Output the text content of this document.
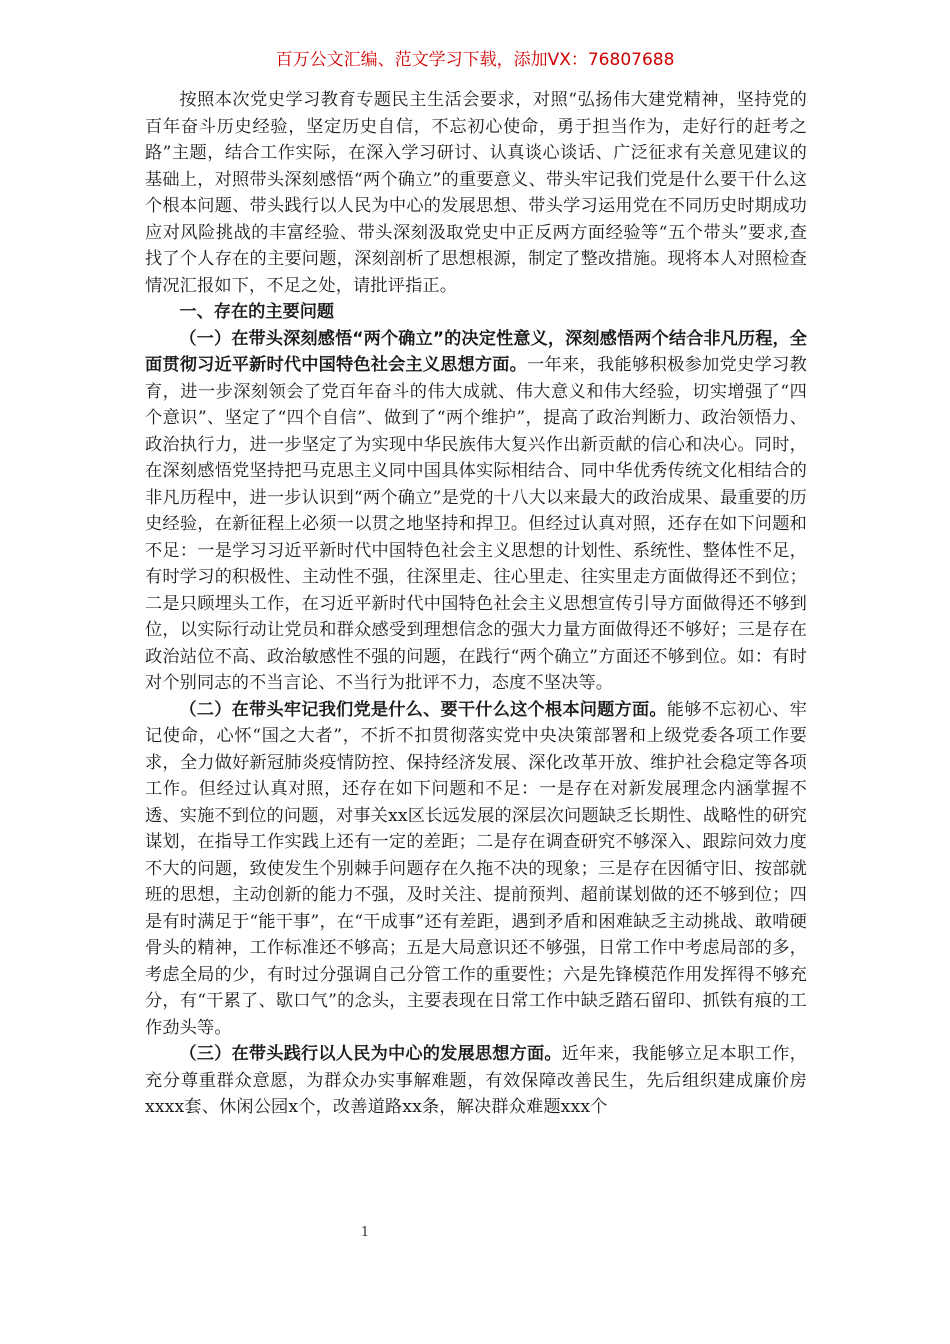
百万公文汇编、范文学习下载，添加VX：76807688

按照本次党史学习教育专题民主生活会要求，对照“弘扬伟大建党精神，坚持党的百年奋斗历史经验，坚定历史自信，不忘初心使命，勇于担当作为，走好行的赶考之路”主题，结合工作实际，在深入学习研讨、认真谈心谈话、广泛征求有关意见建议的基础上，对照带头深刻感悟“两个确立”的重要意义、带头牢记我们党是什么要干什么这个根本问题、带头践行以人民为中心的发展思想、带头学习运用党在不同历史时期成功应对风险挑战的丰富经验、带头深刻汲取党史中正反两方面经验等“五个带头”要求,查找了个人存在的主要问题，深刻剖析了思想根源，制定了整改措施。现将本人对照检查情况汇报如下，不足之处，请批评指正。

一、存在的主要问题

（一）在带头深刻感悟“两个确立”的决定性意义，深刻感悟两个结合非凡历程，全面贯彻习近平新时代中国特色社会主义思想方面。一年来，我能够积极参加党史学习教育，进一步深刻领会了党百年奋斗的伟大成就、伟大意义和伟大经验，切实增强了“四个意识”、坚定了“四个自信”、做到了“两个维护”，提高了政治判断力、政治领悟力、政治执行力，进一步坚定了为实现中华民族伟大复兴作出新贡献的信心和决心。同时，在深刻感悟党坚持把马克思主义同中国具体实际相结合、同中华优秀传统文化相结合的非凡历程中，进一步认识到“两个确立”是党的十八大以来最大的政治成果、最重要的历史经验，在新征程上必须一以贯之地坚持和捍卫。但经过认真对照，还存在如下问题和不足：一是学习习近平新时代中国特色社会主义思想的计划性、系统性、整体性不足，有时学习的积极性、主动性不强，往深里走、往心里走、往实里走方面做得还不到位；二是只顾埋头工作，在习近平新时代中国特色社会主义思想宣传引导方面做得还不够到位，以实际行动让党员和群众感受到理想信念的强大力量方面做得还不够好；三是存在政治站位不高、政治敏感性不强的问题，在践行“两个确立”方面还不够到位。如：有时对个别同志的不当言论、不当行为批评不力，态度不坚决等。

（二）在带头牢记我们党是什么、要干什么这个根本问题方面。能够不忘初心、牢记使命，心怀“国之大者”，不折不扣贯彻落实党中央决策部署和上级党委各项工作要求，全力做好新冠肺炎疫情防控、保持经济发展、深化改革开放、维护社会稳定等各项工作。但经过认真对照，还存在如下问题和不足：一是存在对新发展理念内涵掌握不透、实施不到位的问题，对事关xx区长远发展的深层次问题缺乏长期性、战略性的研究谋划，在指导工作实践上还有一定的差距；二是存在调查研究不够深入、跟踪问效力度不大的问题，致使发生个别棘手问题存在久拖不决的现象；三是存在因循守旧、按部就班的思想，主动创新的能力不强，及时关注、提前预判、超前谋划做的还不够到位；四是有时满足于“能干事”，在“干成事”还有差距，遇到矛盾和困难缺乏主动挑战、敢啃硬骨头的精神，工作标准还不够高；五是大局意识还不够强，日常工作中考虑局部的多，考虑全局的少，有时过分强调自己分管工作的重要性；六是先锋模范作用发挥得不够充分，有“干累了、歇口气”的念头，主要表现在日常工作中缺乏踏石留印、抓铁有痕的工作劲头等。

（三）在带头践行以人民为中心的发展思想方面。近年来，我能够立足本职工作，充分尊重群众意愿，为群众办实事解难题，有效保障改善民生，先后组织建成廉价房xxxx套、休闲公园x个，改善道路xx条，解决群众难题xxx个

1
